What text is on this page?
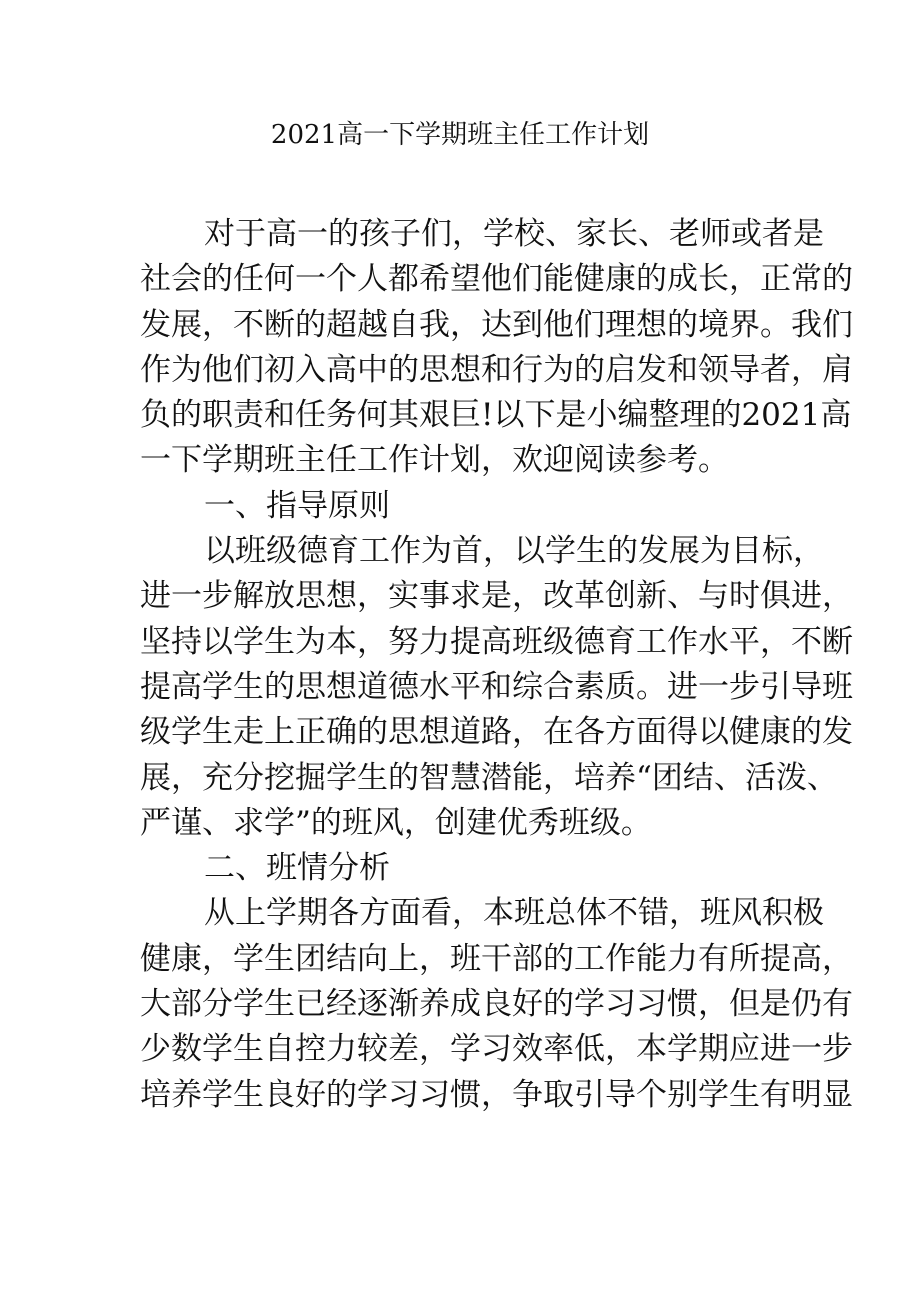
2021高一下学期班主任工作计划
对于高一的孩子们，学校、家长、老师或者是
社会的任何一个人都希望他们能健康的成长，正常的
发展，不断的超越自我，达到他们理想的境界。我们
作为他们初入高中的思想和行为的启发和领导者，肩
负的职责和任务何其艰巨!以下是小编整理的2021高
一下学期班主任工作计划，欢迎阅读参考。
一、指导原则
以班级德育工作为首，以学生的发展为目标，
进一步解放思想，实事求是，改革创新、与时俱进，
坚持以学生为本，努力提高班级德育工作水平，不断
提高学生的思想道德水平和综合素质。进一步引导班
级学生走上正确的思想道路，在各方面得以健康的发
展，充分挖掘学生的智慧潜能，培养“团结、活泼、
严谨、求学”的班风，创建优秀班级。
二、班情分析
从上学期各方面看，本班总体不错，班风积极
健康，学生团结向上，班干部的工作能力有所提高，
大部分学生已经逐渐养成良好的学习习惯，但是仍有
少数学生自控力较差，学习效率低，本学期应进一步
培养学生良好的学习习惯，争取引导个别学生有明显
